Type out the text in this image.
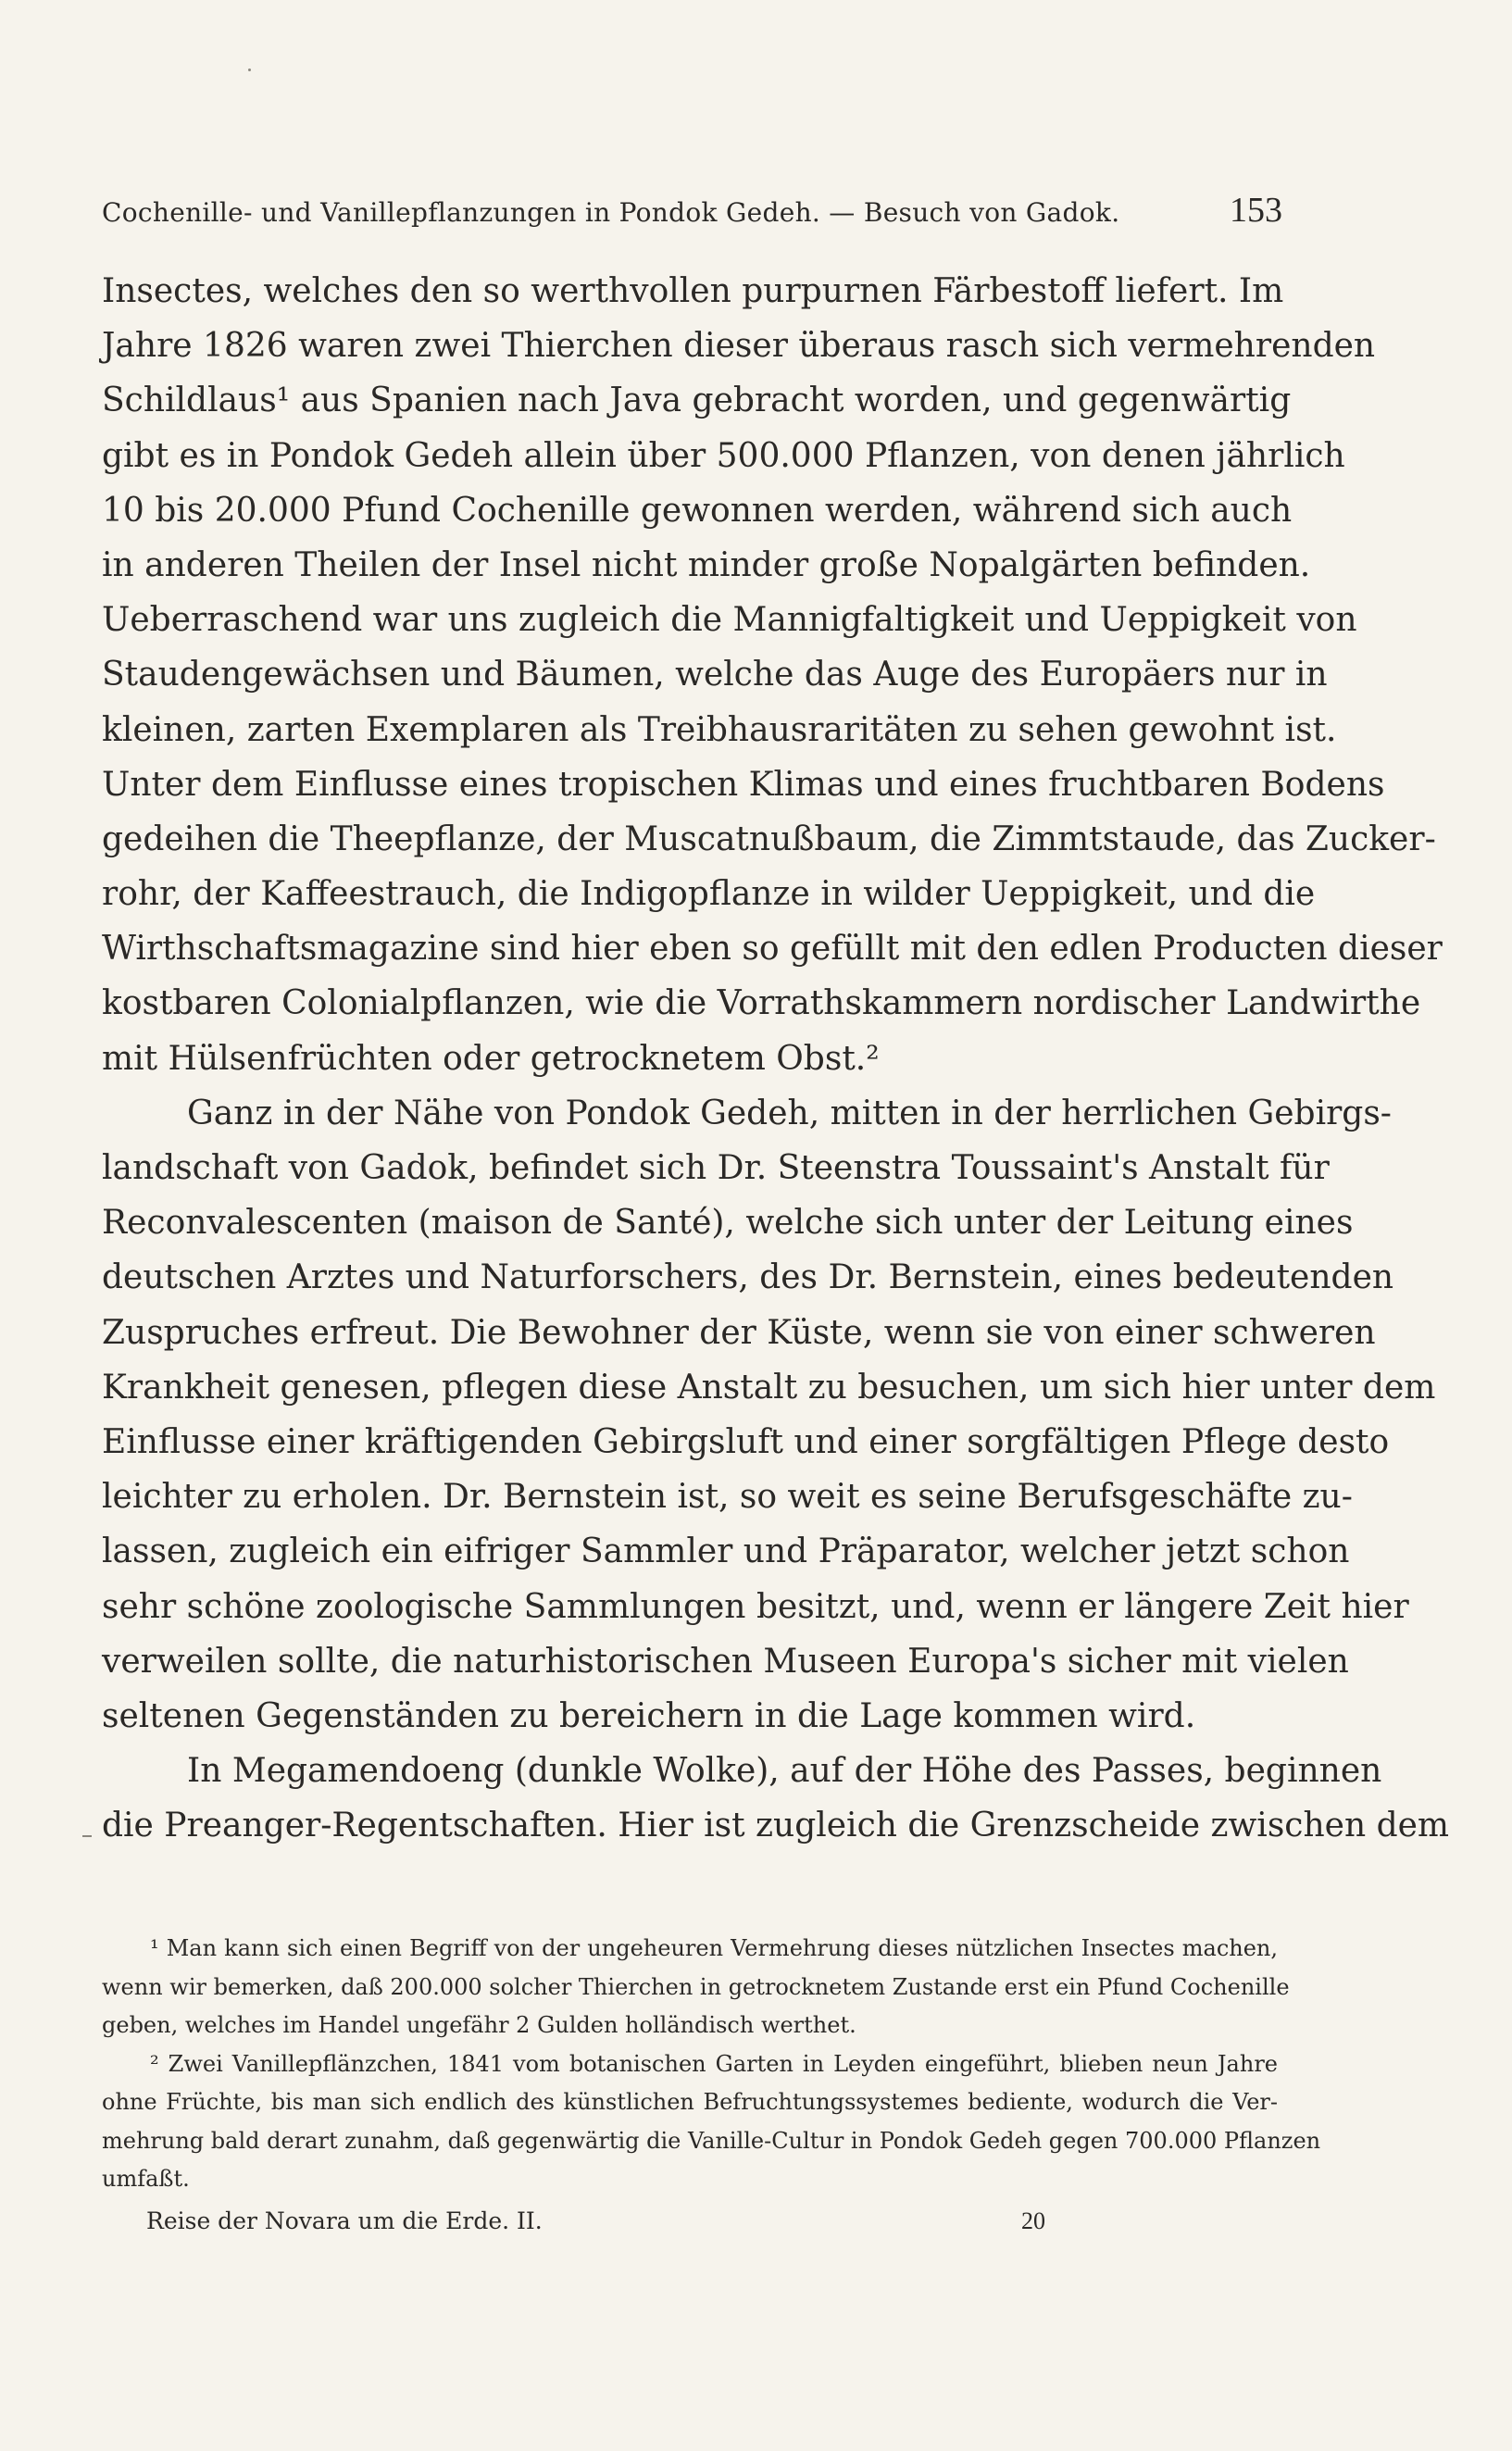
Cochenille- und Vanillepflanzungen in Pondok Gedeh. — Besuch von Gadok.	153
Insectes, welches den so werthvollen purpurnen Färbestoff liefert. Im
Jahre 1826 waren zwei Thierchen dieser überaus rasch sich vermehrenden
Schildlaus¹ aus Spanien nach Java gebracht worden, und gegenwärtig
gibt es in Pondok Gedeh allein über 500.000 Pflanzen, von denen jährlich
10 bis 20.000 Pfund Cochenille gewonnen werden, während sich auch
in anderen Theilen der Insel nicht minder große Nopalgärten befinden.
Ueberraschend war uns zugleich die Mannigfaltigkeit und Ueppigkeit von
Staudengewächsen und Bäumen, welche das Auge des Europäers nur in
kleinen, zarten Exemplaren als Treibhausraritäten zu sehen gewohnt ist.
Unter dem Einflusse eines tropischen Klimas und eines fruchtbaren Bodens
gedeihen die Theepflanze, der Muscatnußbaum, die Zimmtstaude, das Zucker-
rohr, der Kaffeestrauch, die Indigopflanze in wilder Ueppigkeit, und die
Wirthschaftsmagazine sind hier eben so gefüllt mit den edlen Producten dieser
kostbaren Colonialpflanzen, wie die Vorrathskammern nordischer Landwirthe
mit Hülsenfrüchten oder getrocknetem Obst.²
Ganz in der Nähe von Pondok Gedeh, mitten in der herrlichen Gebirgs-
landschaft von Gadok, befindet sich Dr. Steenstra Toussaint's Anstalt für
Reconvalescenten (maison de Santé), welche sich unter der Leitung eines
deutschen Arztes und Naturforschers, des Dr. Bernstein, eines bedeutenden
Zuspruches erfreut. Die Bewohner der Küste, wenn sie von einer schweren
Krankheit genesen, pflegen diese Anstalt zu besuchen, um sich hier unter dem
Einflusse einer kräftigenden Gebirgsluft und einer sorgfältigen Pflege desto
leichter zu erholen. Dr. Bernstein ist, so weit es seine Berufsgeschäfte zu-
lassen, zugleich ein eifriger Sammler und Präparator, welcher jetzt schon
sehr schöne zoologische Sammlungen besitzt, und, wenn er längere Zeit hier
verweilen sollte, die naturhistorischen Museen Europa's sicher mit vielen
seltenen Gegenständen zu bereichern in die Lage kommen wird.
In Megamendoeng (dunkle Wolke), auf der Höhe des Passes, beginnen
die Preanger-Regentschaften. Hier ist zugleich die Grenzscheide zwischen dem
¹ Man kann sich einen Begriff von der ungeheuren Vermehrung dieses nützlichen Insectes machen,
wenn wir bemerken, daß 200.000 solcher Thierchen in getrocknetem Zustande erst ein Pfund Cochenille
geben, welches im Handel ungefähr 2 Gulden holländisch werthet.
² Zwei Vanillepflänzchen, 1841 vom botanischen Garten in Leyden eingeführt, blieben neun Jahre
ohne Früchte, bis man sich endlich des künstlichen Befruchtungssystemes bediente, wodurch die Ver-
mehrung bald derart zunahm, daß gegenwärtig die Vanille-Cultur in Pondok Gedeh gegen 700.000 Pflanzen
umfaßt.
Reise der Novara um die Erde. II.	20
